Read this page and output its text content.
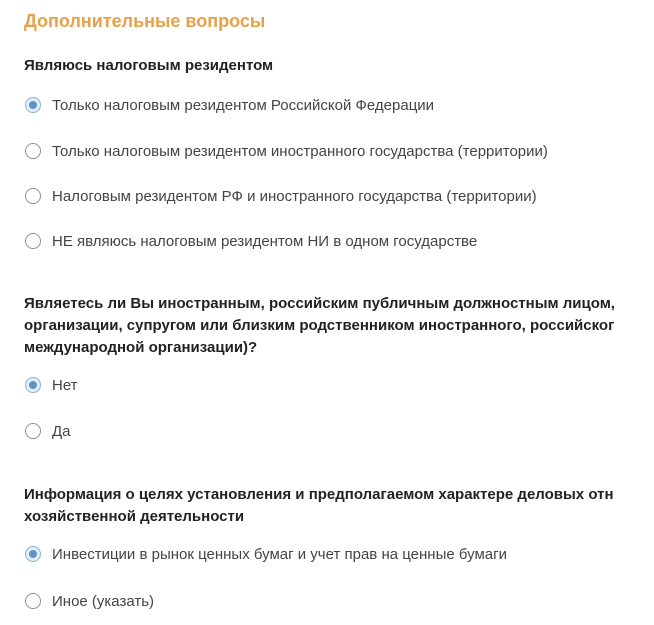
Дополнительные вопросы

Являюсь налоговым резидентом

Только налоговым резидентом Российской Федерации
Только налоговым резидентом иностранного государства (территории)
Налоговым резидентом РФ и иностранного государства (территории)
НЕ являюсь налоговым резидентом НИ в одном государстве
Являетесь ли Вы иностранным, российским публичным должностным лицом,
организации, супругом или близким родственником иностранного, российског
международной организации)?
Нет
Да
Информация о целях установления и предполагаемом характере деловых отн
хозяйственной деятельности
Инвестиции в рынок ценных бумаг и учет прав на ценные бумаги
Иное (указать)
